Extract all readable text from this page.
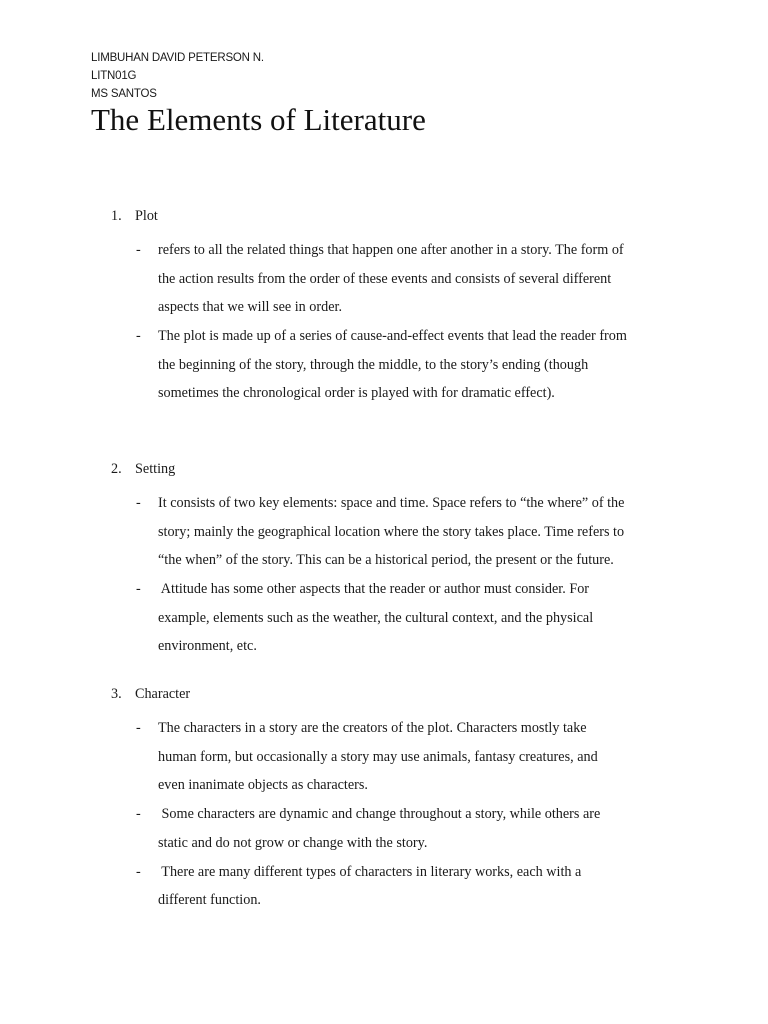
LIMBUHAN DAVID PETERSON N.
LITN01G
MS SANTOS
The Elements of Literature
1. Plot
- refers to all the related things that happen one after another in a story. The form of
the action results from the order of these events and consists of several different
aspects that we will see in order.
- The plot is made up of a series of cause-and-effect events that lead the reader from
the beginning of the story, through the middle, to the story’s ending (though
sometimes the chronological order is played with for dramatic effect).
2. Setting
- It consists of two key elements: space and time. Space refers to “the where” of the
story; mainly the geographical location where the story takes place. Time refers to
“the when” of the story. This can be a historical period, the present or the future.
- Attitude has some other aspects that the reader or author must consider. For
example, elements such as the weather, the cultural context, and the physical
environment, etc.
3. Character
- The characters in a story are the creators of the plot. Characters mostly take
human form, but occasionally a story may use animals, fantasy creatures, and
even inanimate objects as characters.
- Some characters are dynamic and change throughout a story, while others are
static and do not grow or change with the story.
- There are many different types of characters in literary works, each with a
different function.
